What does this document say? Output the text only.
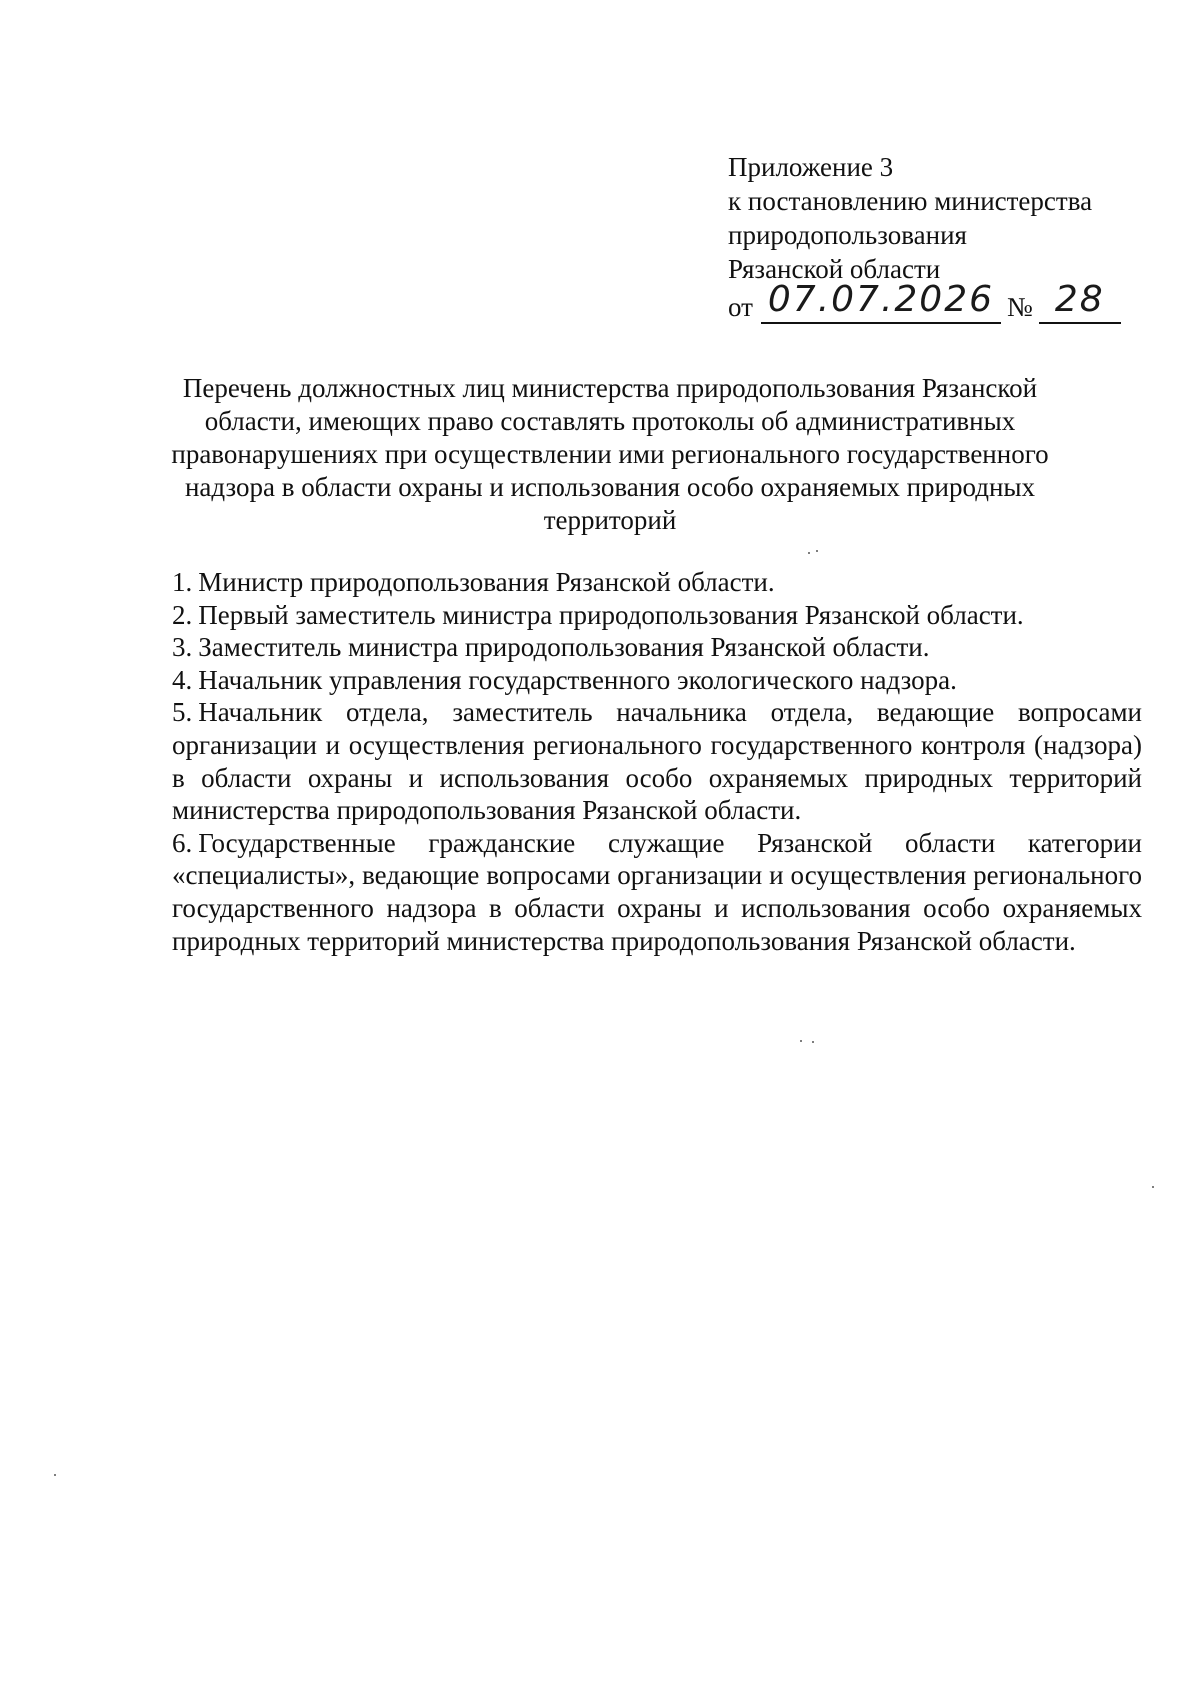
Приложение 3
к постановлению министерства
природопользования
Рязанской области
от 07.07.2026 № 28
Перечень должностных лиц министерства природопользования Рязанской области, имеющих право составлять протоколы об административных правонарушениях при осуществлении ими регионального государственного надзора в области охраны и использования особо охраняемых природных территорий
1. Министр природопользования Рязанской области.
2. Первый заместитель министра природопользования Рязанской области.
3. Заместитель министра природопользования Рязанской области.
4. Начальник управления государственного экологического надзора.
5. Начальник отдела, заместитель начальника отдела, ведающие вопросами организации и осуществления регионального государственного контроля (надзора) в области охраны и использования особо охраняемых природных территорий министерства природопользования Рязанской области.
6. Государственные гражданские служащие Рязанской области категории «специалисты», ведающие вопросами организации и осуществления регионального государственного надзора в области охраны и использования особо охраняемых природных территорий министерства природопользования Рязанской области.
